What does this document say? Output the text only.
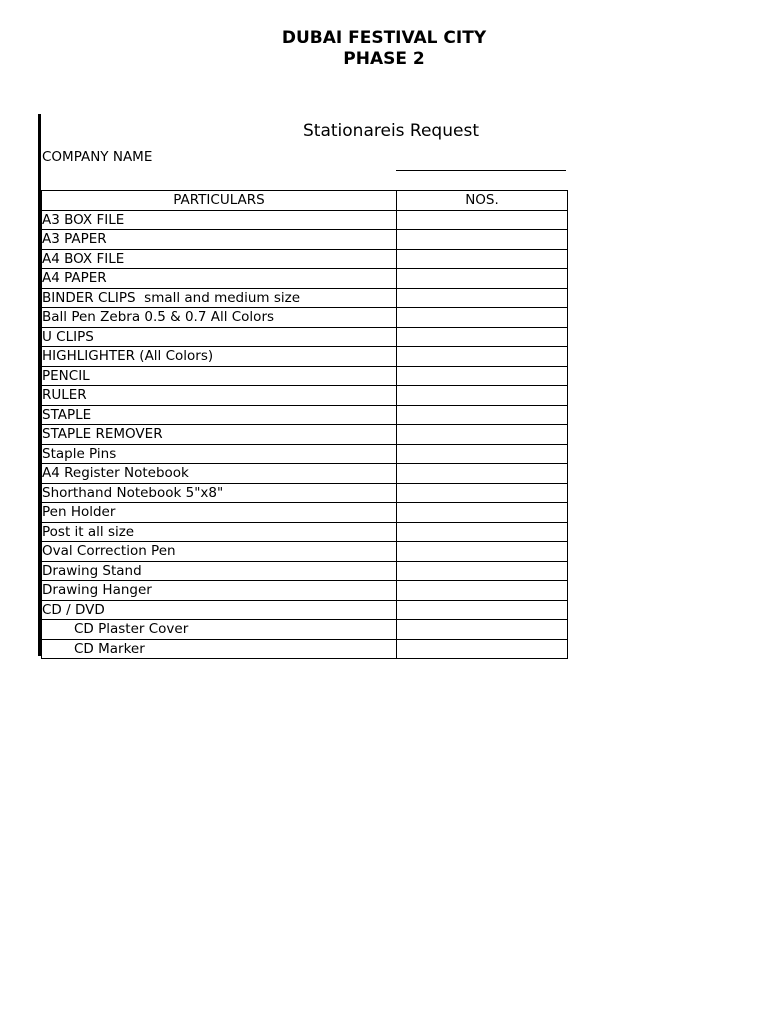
DUBAI FESTIVAL CITY
PHASE 2
Stationareis Request
COMPANY NAME
PARTICULARS	NOS.
A3 BOX FILE	
A3 PAPER	
A4 BOX FILE	
A4 PAPER	
BINDER CLIPS  small and medium size	
Ball Pen Zebra 0.5 & 0.7 All Colors	
U CLIPS	
HIGHLIGHTER (All Colors)	
PENCIL	
RULER	
STAPLE	
STAPLE REMOVER	
Staple Pins	
A4 Register Notebook	
Shorthand Notebook 5"x8"	
Pen Holder	
Post it all size	
Oval Correction Pen	
Drawing Stand	
Drawing Hanger	
CD / DVD	
CD Plaster Cover	
CD Marker	
